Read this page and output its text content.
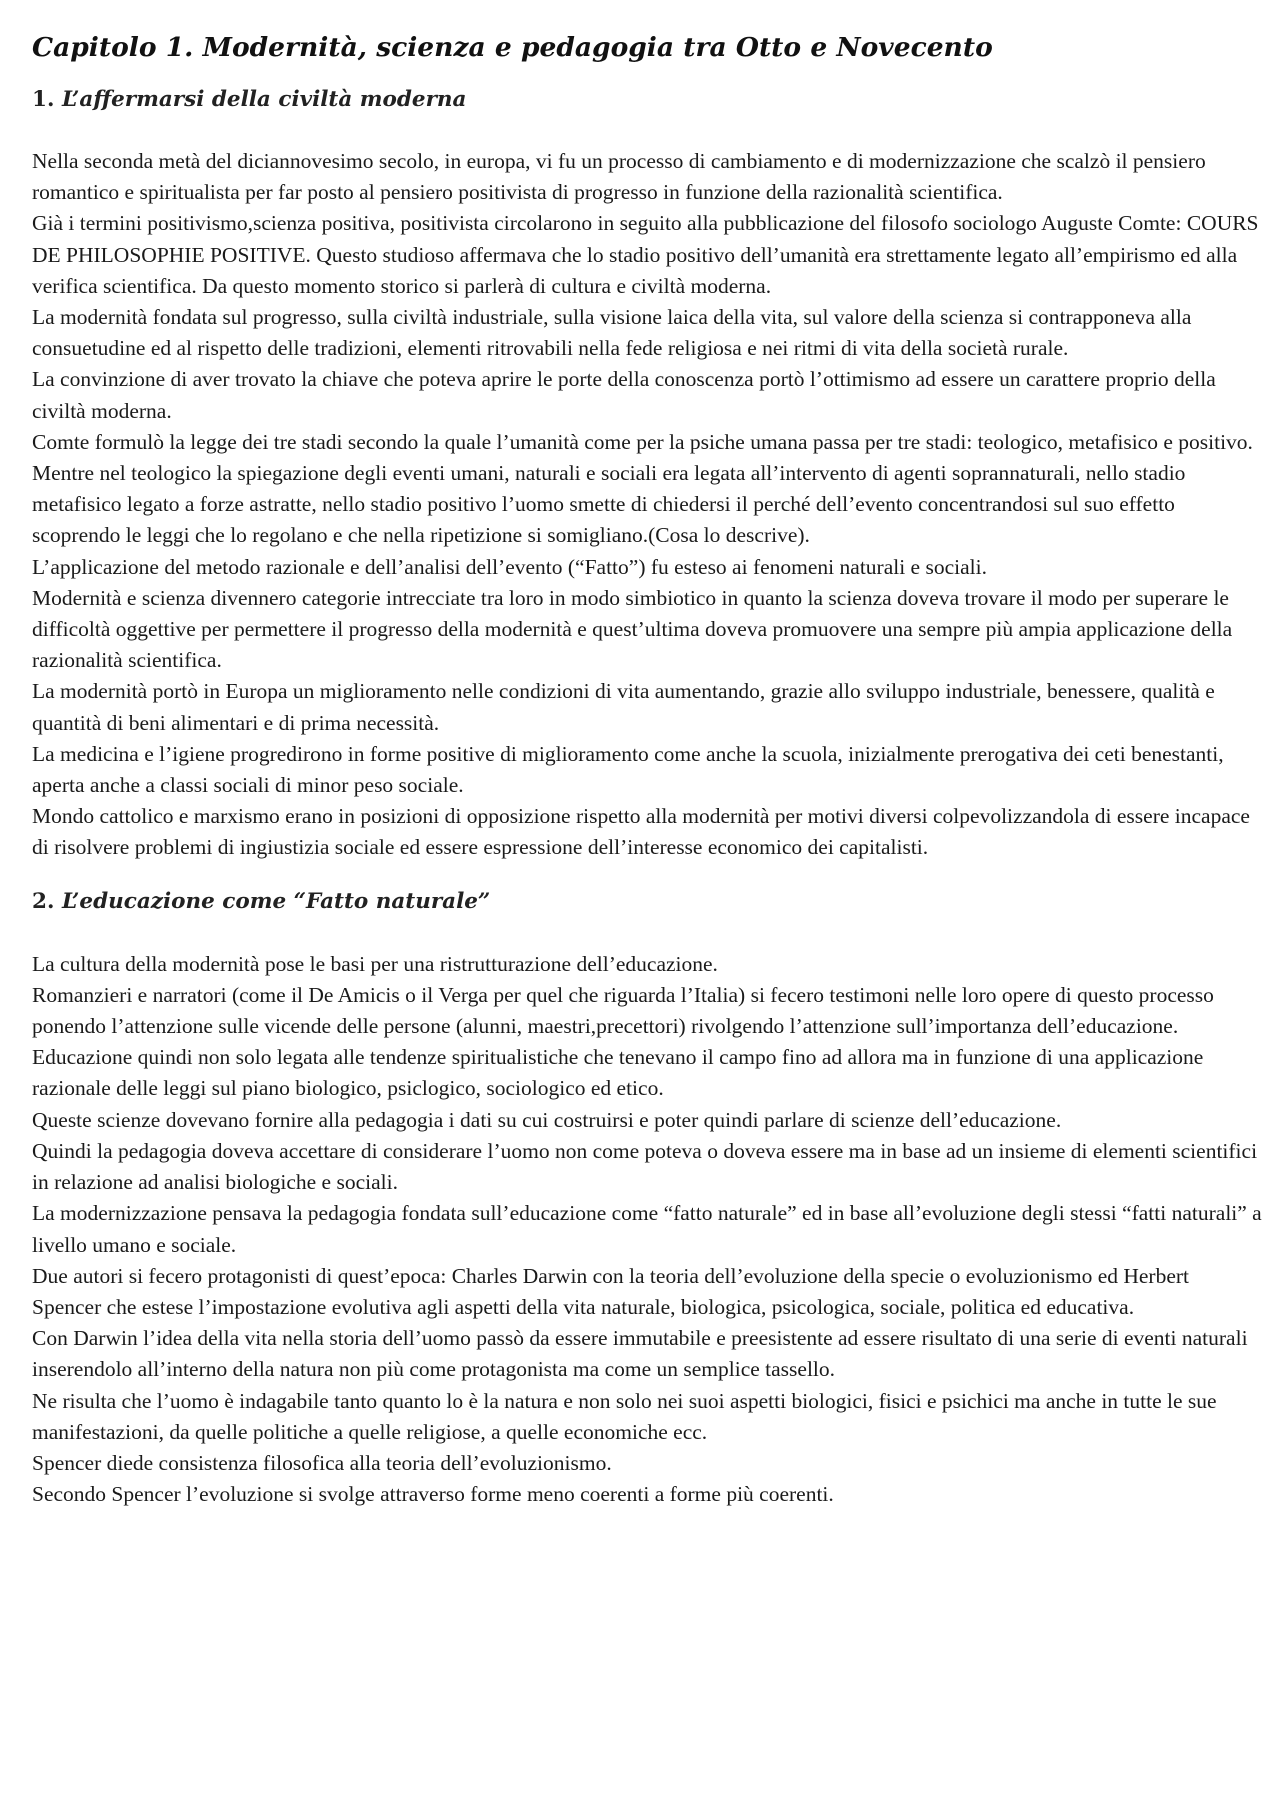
Capitolo 1. Modernità, scienza e pedagogia tra Otto e Novecento
1. L’affermarsi della civiltà moderna

Nella seconda metà del diciannovesimo secolo, in europa, vi fu un processo di cambiamento e di modernizzazione che scalzò il pensiero romantico e spiritualista per far posto al pensiero positivista di progresso in funzione della razionalità scientifica.

Già i termini positivismo,scienza positiva, positivista circolarono in seguito alla pubblicazione del filosofo sociologo Auguste Comte: COURS DE PHILOSOPHIE POSITIVE. Questo studioso affermava che lo stadio positivo dell’umanità era strettamente legato all’empirismo ed alla verifica scientifica. Da questo momento storico si parlerà di cultura e civiltà moderna.

La modernità fondata sul progresso, sulla civiltà industriale, sulla visione laica della vita, sul valore della scienza si contrapponeva alla consuetudine ed al rispetto delle tradizioni, elementi ritrovabili nella fede religiosa e nei ritmi di vita della società rurale.

La convinzione di aver trovato la chiave che poteva aprire le porte della conoscenza portò l’ottimismo ad essere un carattere proprio della civiltà moderna.

Comte formulò la legge dei tre stadi secondo la quale l’umanità come per la psiche umana passa per tre stadi: teologico, metafisico e positivo. Mentre nel teologico la spiegazione degli eventi umani, naturali e sociali era legata all’intervento di agenti soprannaturali, nello stadio metafisico legato a forze astratte, nello stadio positivo l’uomo smette di chiedersi il perché dell’evento concentrandosi sul suo effetto scoprendo le leggi che lo regolano e che nella ripetizione si somigliano.(Cosa lo descrive).

L’applicazione del metodo razionale e dell’analisi dell’evento (“Fatto”) fu esteso ai fenomeni naturali e sociali.

Modernità e scienza divennero categorie intrecciate tra loro in modo simbiotico in quanto la scienza doveva trovare il modo per superare le difficoltà oggettive per permettere il progresso della modernità e quest’ultima doveva promuovere una sempre più ampia applicazione della razionalità scientifica.

La modernità portò in Europa un miglioramento nelle condizioni di vita aumentando, grazie allo sviluppo industriale, benessere, qualità e quantità di beni alimentari e di prima necessità.

La medicina e l’igiene progredirono in forme positive di miglioramento come anche la scuola, inizialmente prerogativa dei ceti benestanti, aperta anche a classi sociali di minor peso sociale.

Mondo cattolico e marxismo erano in posizioni di opposizione rispetto alla modernità per motivi diversi colpevolizzandola di essere incapace di risolvere problemi di ingiustizia sociale ed essere espressione dell’interesse economico dei capitalisti.

2. L’educazione come “Fatto naturale”

La cultura della modernità pose le basi per una ristrutturazione dell’educazione.

Romanzieri e narratori (come il De Amicis o il Verga per quel che riguarda l’Italia) si fecero testimoni nelle loro opere di questo processo ponendo l’attenzione sulle vicende delle persone (alunni, maestri,precettori) rivolgendo l’attenzione sull’importanza dell’educazione.

Educazione quindi non solo legata alle tendenze spiritualistiche che tenevano il campo fino ad allora ma in funzione di una applicazione razionale delle leggi sul piano biologico, psiclogico, sociologico ed etico.

Queste scienze dovevano fornire alla pedagogia i dati su cui costruirsi e poter quindi parlare di scienze dell’educazione.

Quindi la pedagogia doveva accettare di considerare l’uomo non come poteva o doveva essere ma in base ad un insieme di elementi scientifici in relazione ad analisi biologiche e sociali.

La modernizzazione pensava la pedagogia fondata sull’educazione come “fatto naturale” ed in base all’evoluzione degli stessi “fatti naturali” a livello umano e sociale.

Due autori si fecero protagonisti di quest’epoca: Charles Darwin con la teoria dell’evoluzione della specie o evoluzionismo ed Herbert Spencer che estese l’impostazione evolutiva agli aspetti della vita naturale, biologica, psicologica, sociale, politica ed educativa.

Con Darwin l’idea della vita nella storia dell’uomo passò da essere immutabile e preesistente ad essere risultato di una serie di eventi naturali inserendolo all’interno della natura non più come protagonista ma come un semplice tassello.

Ne risulta che l’uomo è indagabile tanto quanto lo è la natura e non solo nei suoi aspetti biologici, fisici e psichici ma anche in tutte le sue manifestazioni, da quelle politiche a quelle religiose, a quelle economiche ecc.

Spencer diede consistenza filosofica alla teoria dell’evoluzionismo.

Secondo Spencer l’evoluzione si svolge attraverso forme meno coerenti a forme più coerenti.
